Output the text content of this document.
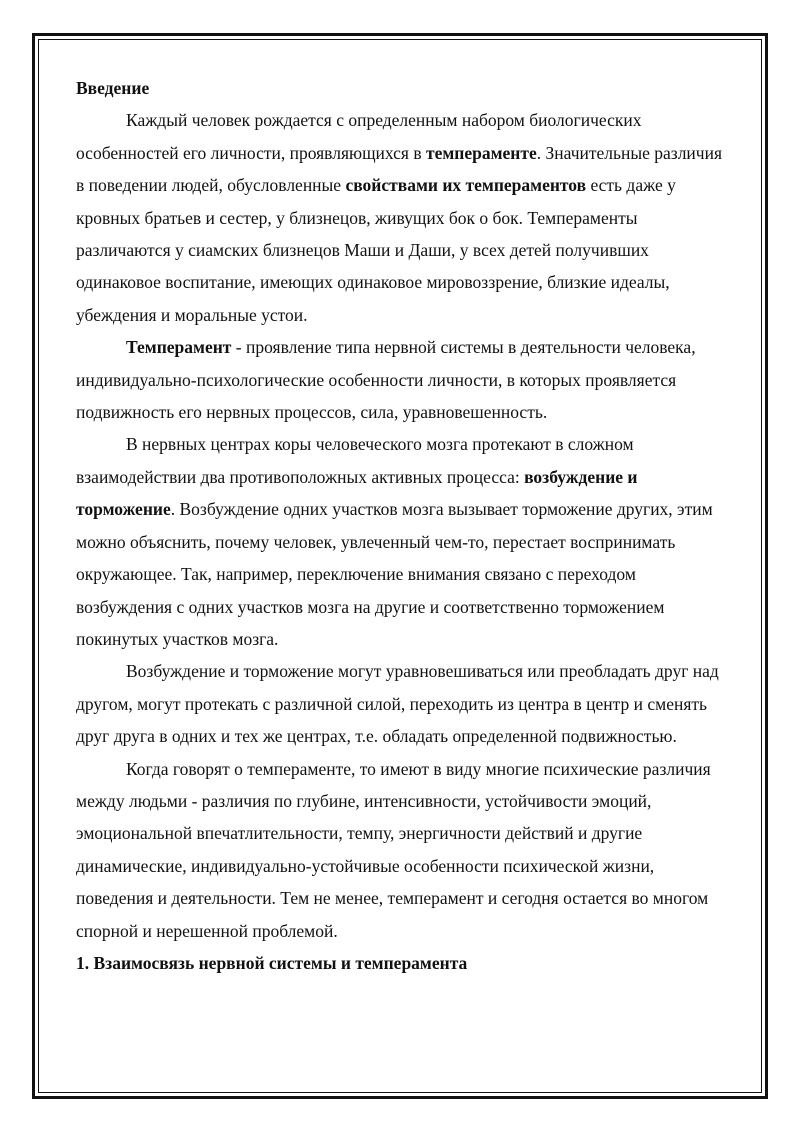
Введение

Каждый человек рождается с определенным набором биологических особенностей его личности, проявляющихся в темпераменте. Значительные различия в поведении людей, обусловленные свойствами их темпераментов есть даже у кровных братьев и сестер, у близнецов, живущих бок о бок. Темпераменты различаются у сиамских близнецов Маши и Даши, у всех детей получивших одинаковое воспитание, имеющих одинаковое мировоззрение, близкие идеалы, убеждения и моральные устои.

Темперамент - проявление типа нервной системы в деятельности человека, индивидуально-психологические особенности личности, в которых проявляется подвижность его нервных процессов, сила, уравновешенность.

В нервных центрах коры человеческого мозга протекают в сложном взаимодействии два противоположных активных процесса: возбуждение и торможение. Возбуждение одних участков мозга вызывает торможение других, этим можно объяснить, почему человек, увлеченный чем-то, перестает воспринимать окружающее. Так, например, переключение внимания связано с переходом возбуждения с одних участков мозга на другие и соответственно торможением покинутых участков мозга.

Возбуждение и торможение могут уравновешиваться или преобладать друг над другом, могут протекать с различной силой, переходить из центра в центр и сменять друг друга в одних и тех же центрах, т.е. обладать определенной подвижностью.

Когда говорят о темпераменте, то имеют в виду многие психические различия между людьми - различия по глубине, интенсивности, устойчивости эмоций, эмоциональной впечатлительности, темпу, энергичности действий и другие динамические, индивидуально-устойчивые особенности психической жизни, поведения и деятельности. Тем не менее, темперамент и сегодня остается во многом спорной и нерешенной проблемой.

1. Взаимосвязь нервной системы и темперамента
